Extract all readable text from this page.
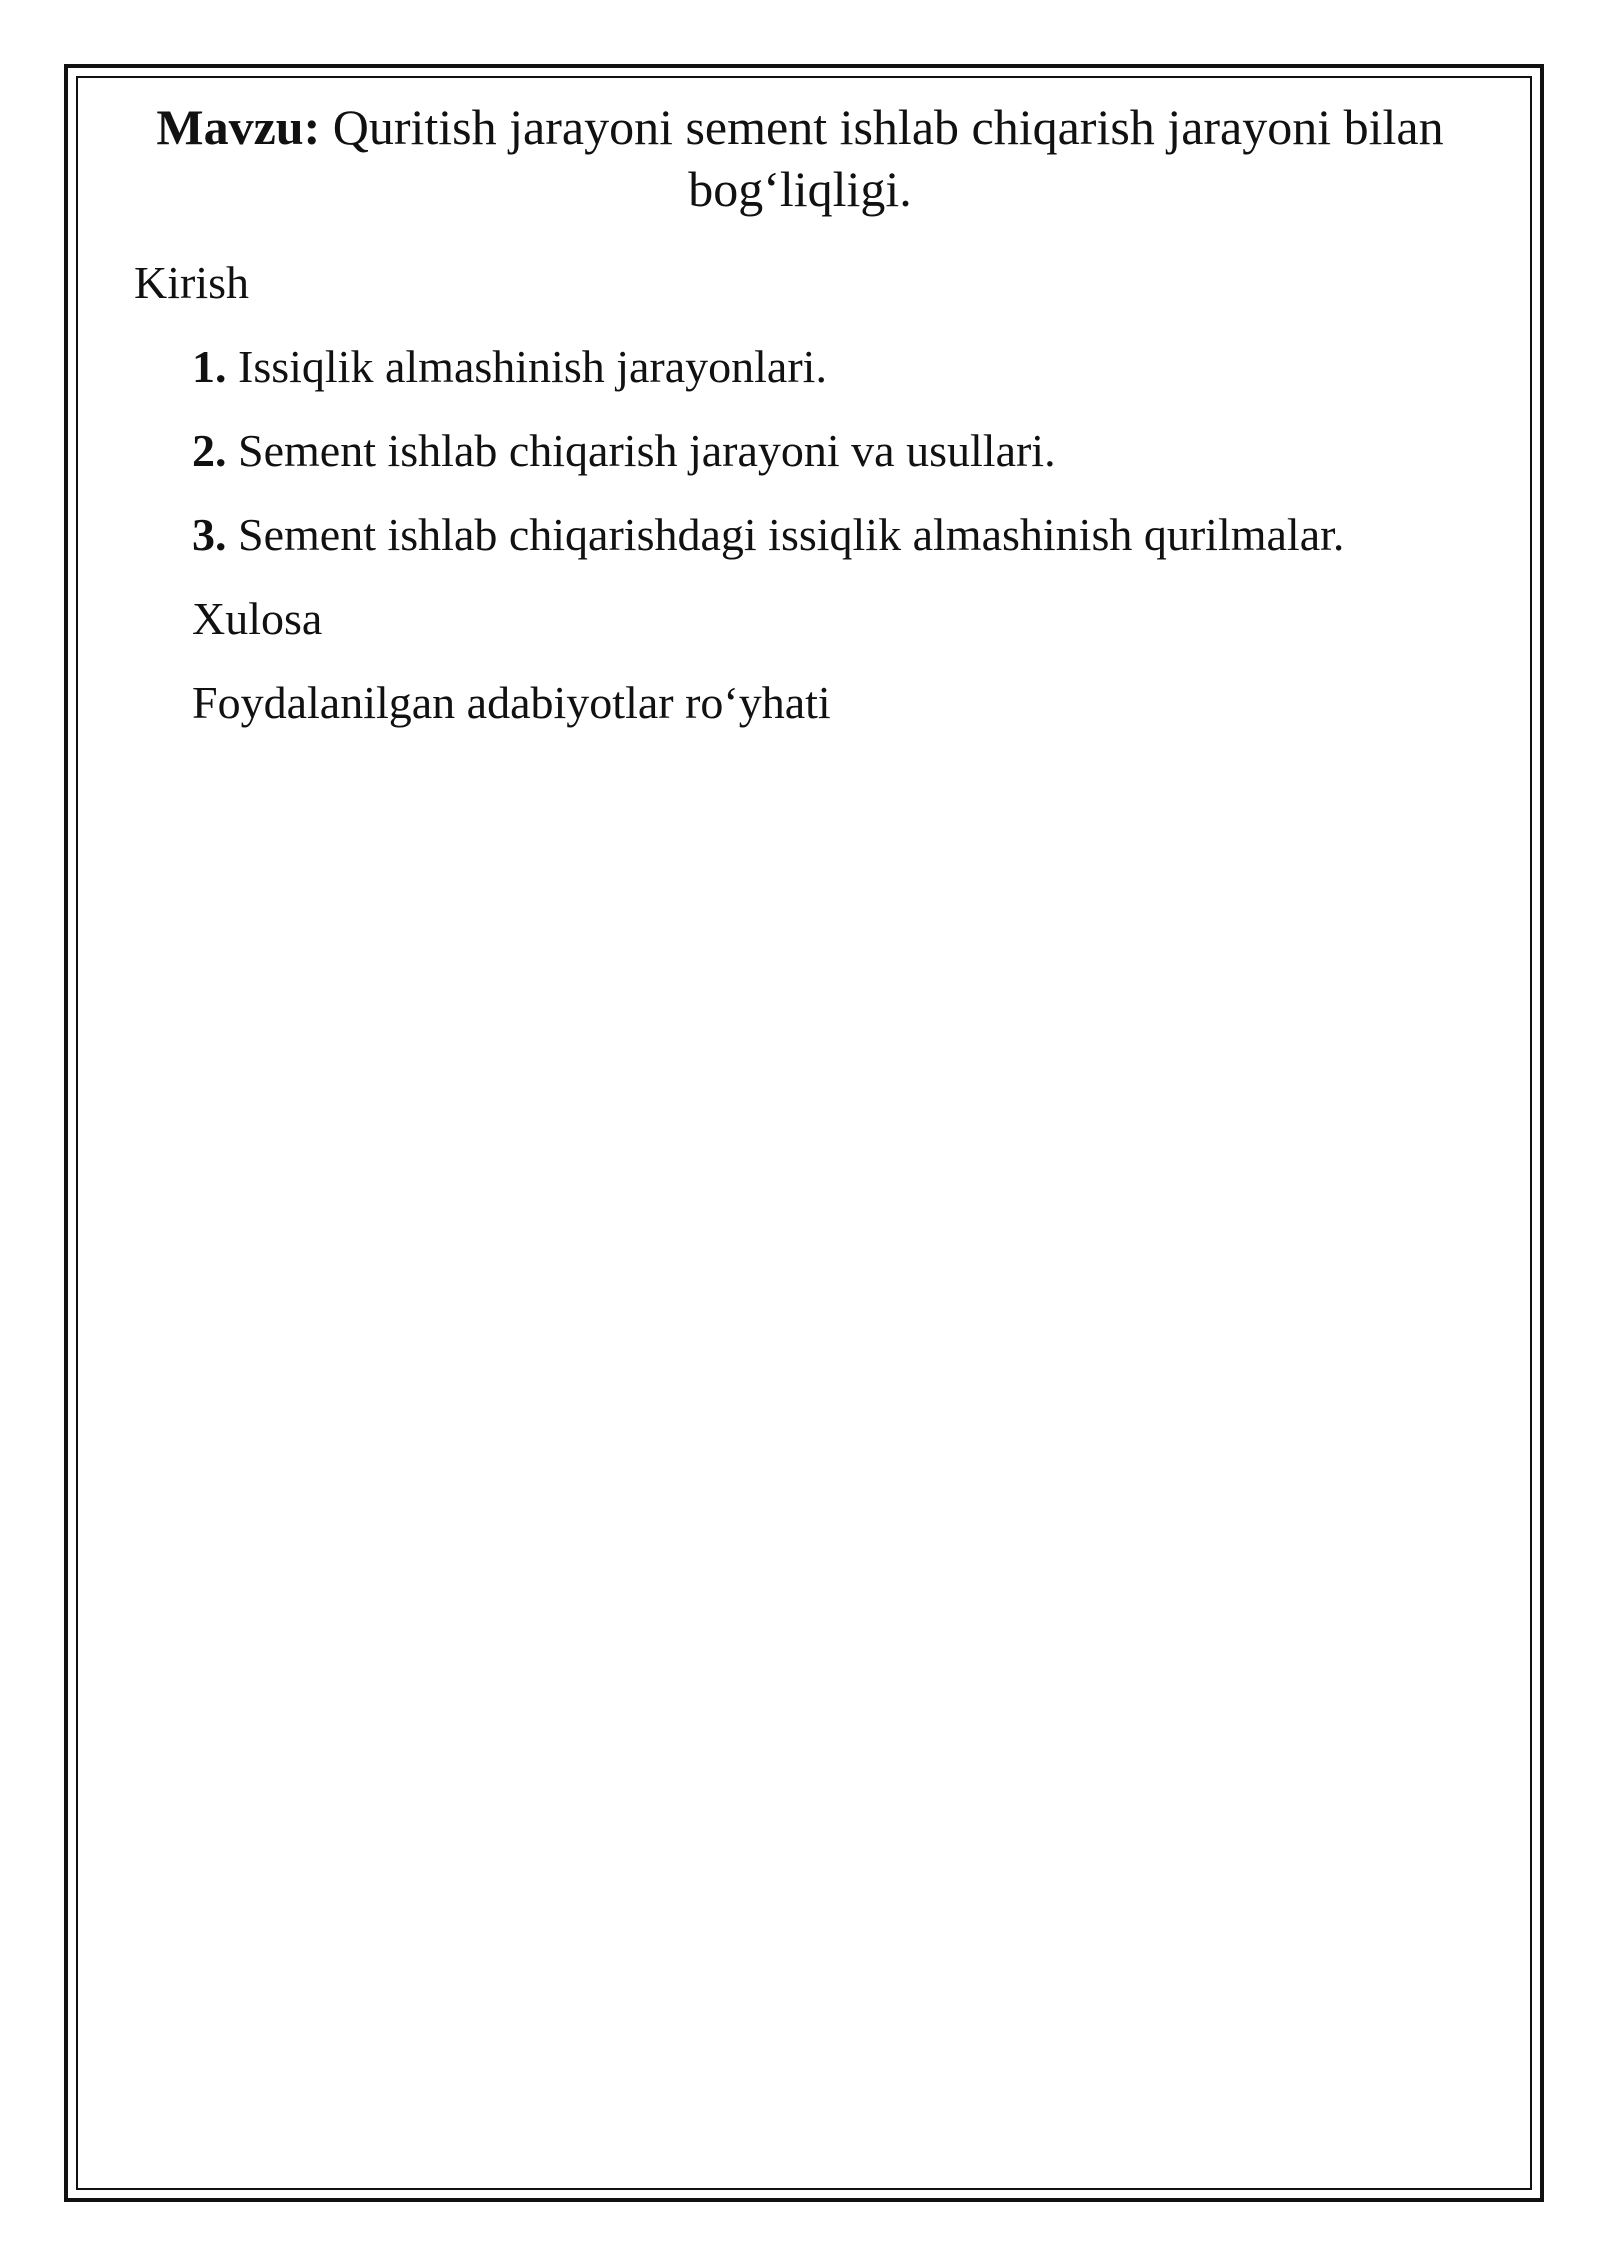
Mavzu: Quritish jarayoni sement ishlab chiqarish jarayoni bilan bog‘liqligi.
Kirish
1. Issiqlik almashinish jarayonlari.
2. Sement ishlab chiqarish jarayoni va usullari.
3. Sement ishlab chiqarishdagi issiqlik almashinish qurilmalar.
Xulosa
Foydalanilgan adabiyotlar ro‘yhati
